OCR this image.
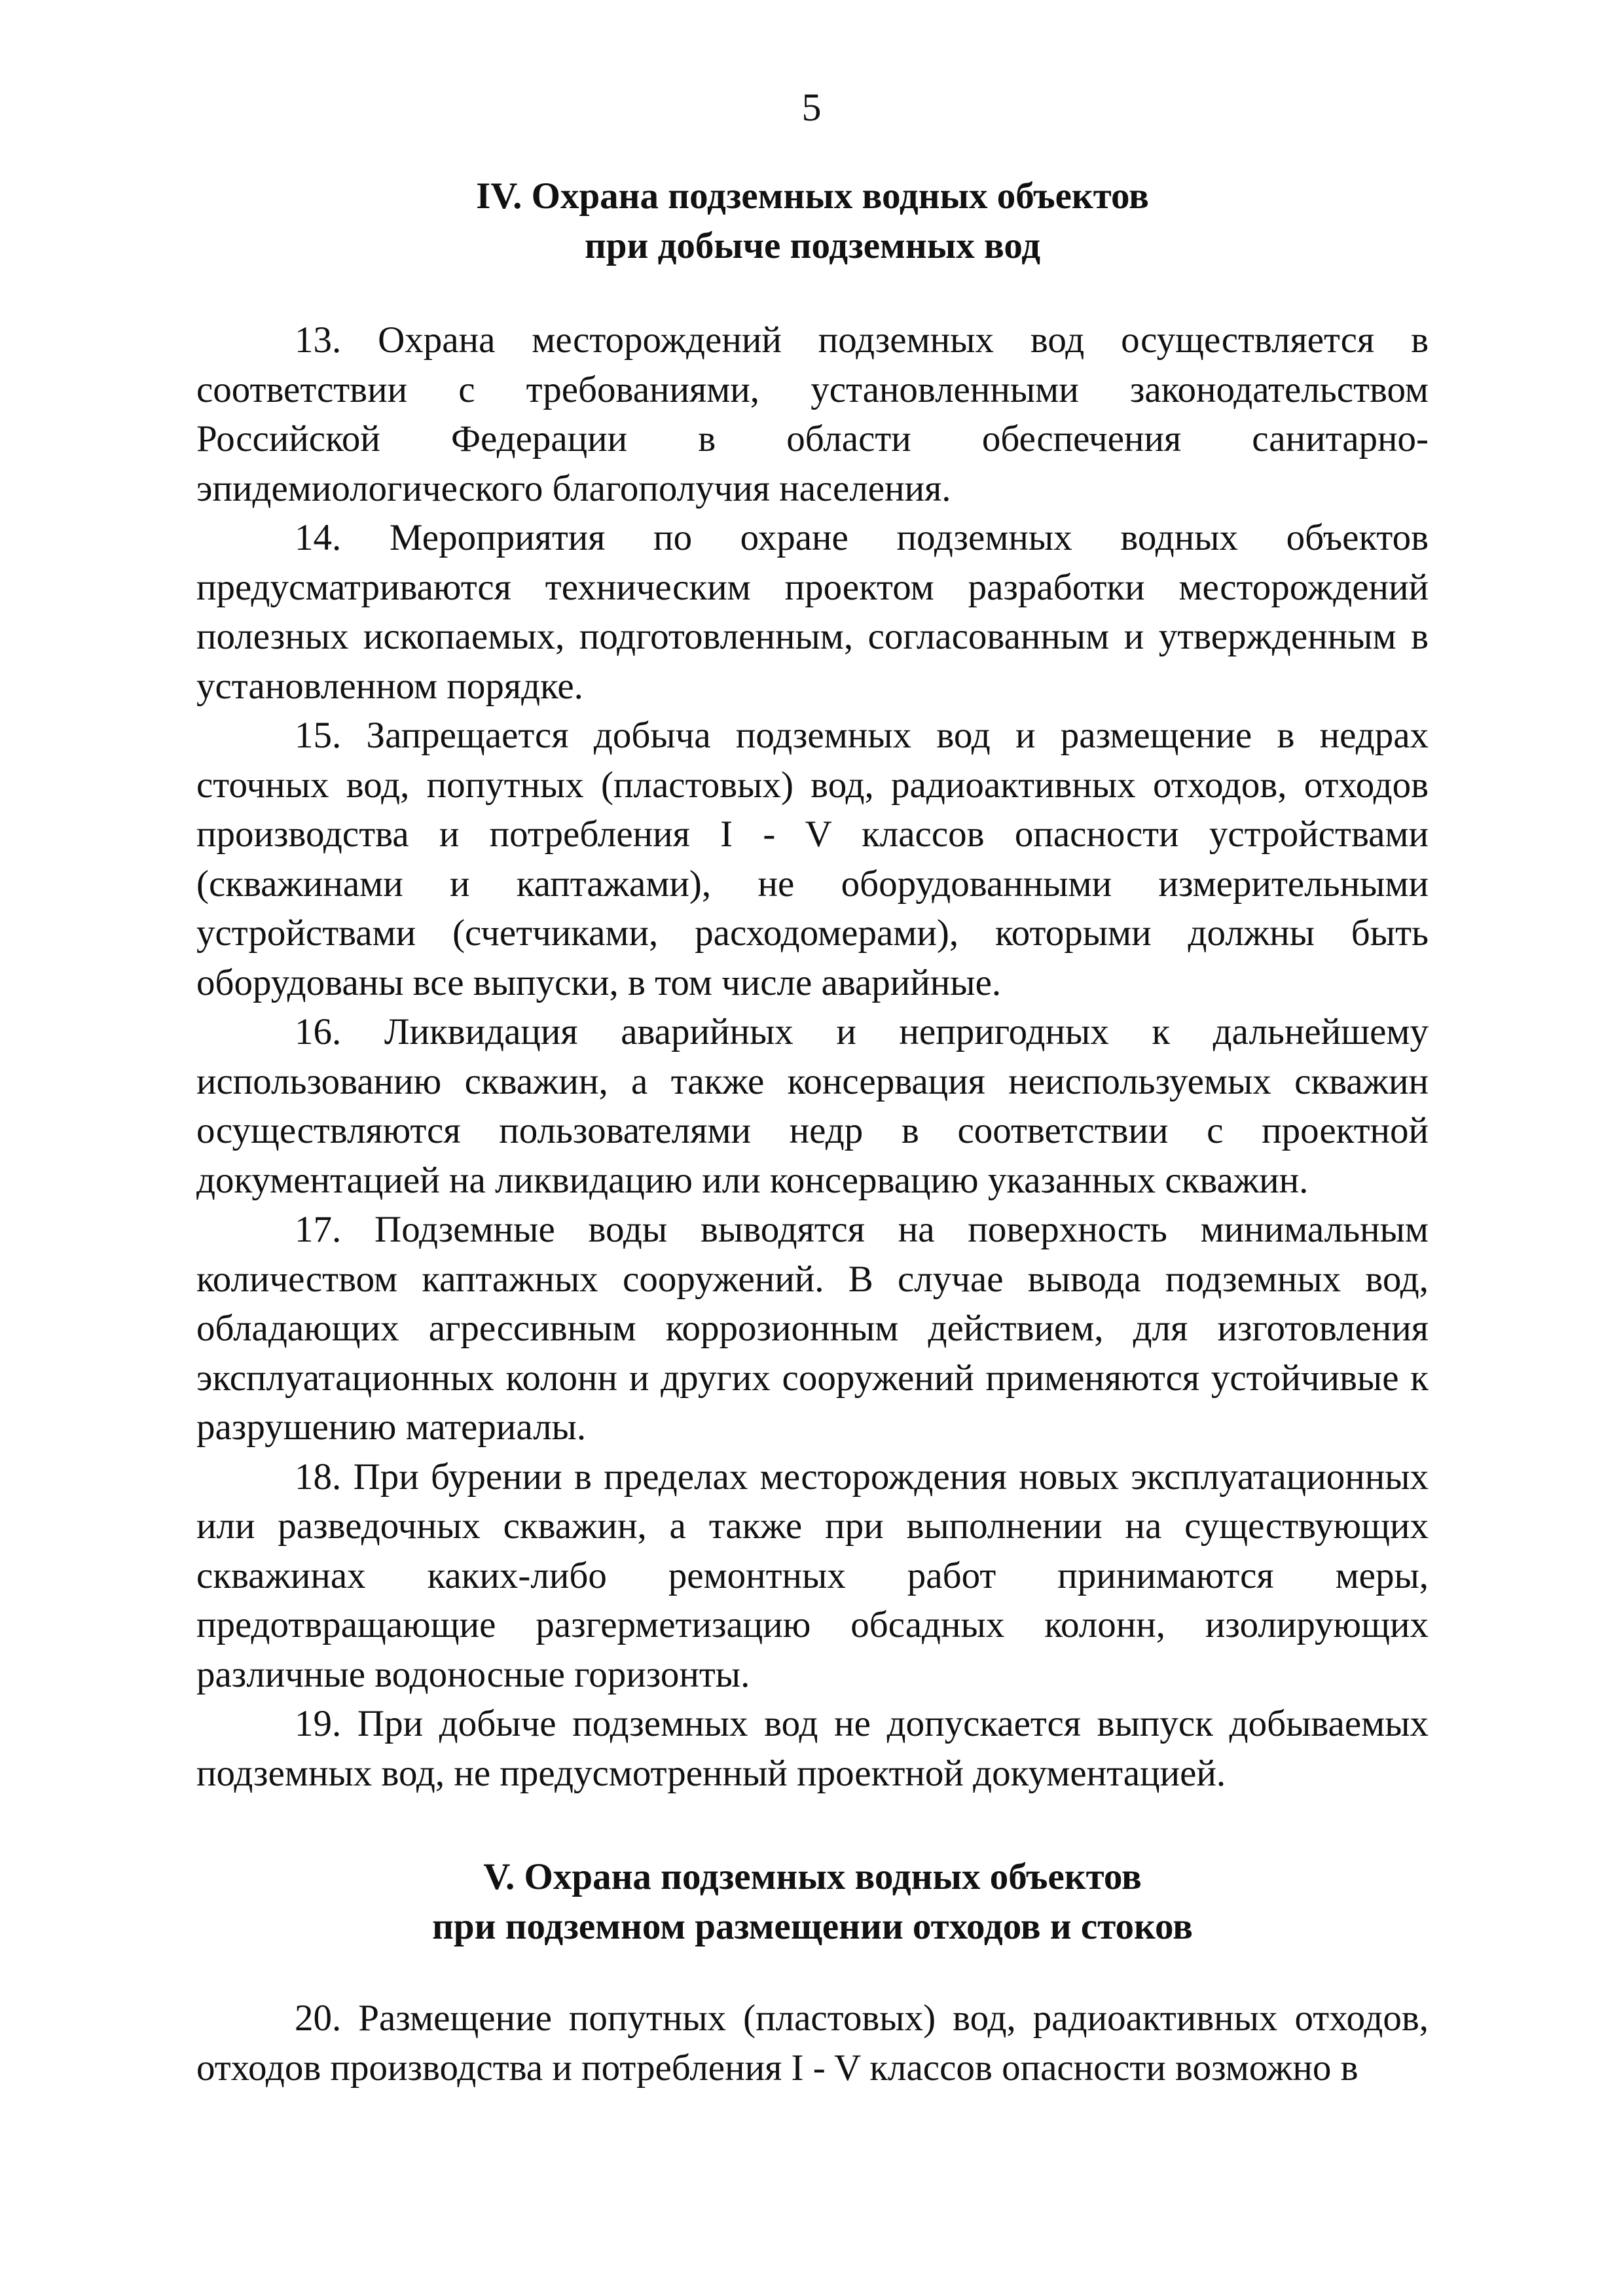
5
IV. Охрана подземных водных объектов
при добыче подземных вод

13. Охрана месторождений подземных вод осуществляется в соответствии с требованиями, установленными законодательством Российской Федерации в области обеспечения санитарно-эпидемиологического благополучия населения.

14. Мероприятия по охране подземных водных объектов предусматриваются техническим проектом разработки месторождений полезных ископаемых, подготовленным, согласованным и утвержденным в установленном порядке.

15. Запрещается добыча подземных вод и размещение в недрах сточных вод, попутных (пластовых) вод, радиоактивных отходов, отходов производства и потребления I - V классов опасности устройствами (скважинами и каптажами), не оборудованными измерительными устройствами (счетчиками, расходомерами), которыми должны быть оборудованы все выпуски, в том числе аварийные.

16. Ликвидация аварийных и непригодных к дальнейшему использованию скважин, а также консервация неиспользуемых скважин осуществляются пользователями недр в соответствии с проектной документацией на ликвидацию или консервацию указанных скважин.

17. Подземные воды выводятся на поверхность минимальным количеством каптажных сооружений. В случае вывода подземных вод, обладающих агрессивным коррозионным действием, для изготовления эксплуатационных колонн и других сооружений применяются устойчивые к разрушению материалы.

18. При бурении в пределах месторождения новых эксплуатационных или разведочных скважин, а также при выполнении на существующих скважинах каких-либо ремонтных работ принимаются меры, предотвращающие разгерметизацию обсадных колонн, изолирующих различные водоносные горизонты.

19. При добыче подземных вод не допускается выпуск добываемых подземных вод, не предусмотренный проектной документацией.

V. Охрана подземных водных объектов
при подземном размещении отходов и стоков

20. Размещение попутных (пластовых) вод, радиоактивных отходов, отходов производства и потребления I - V классов опасности возможно в
